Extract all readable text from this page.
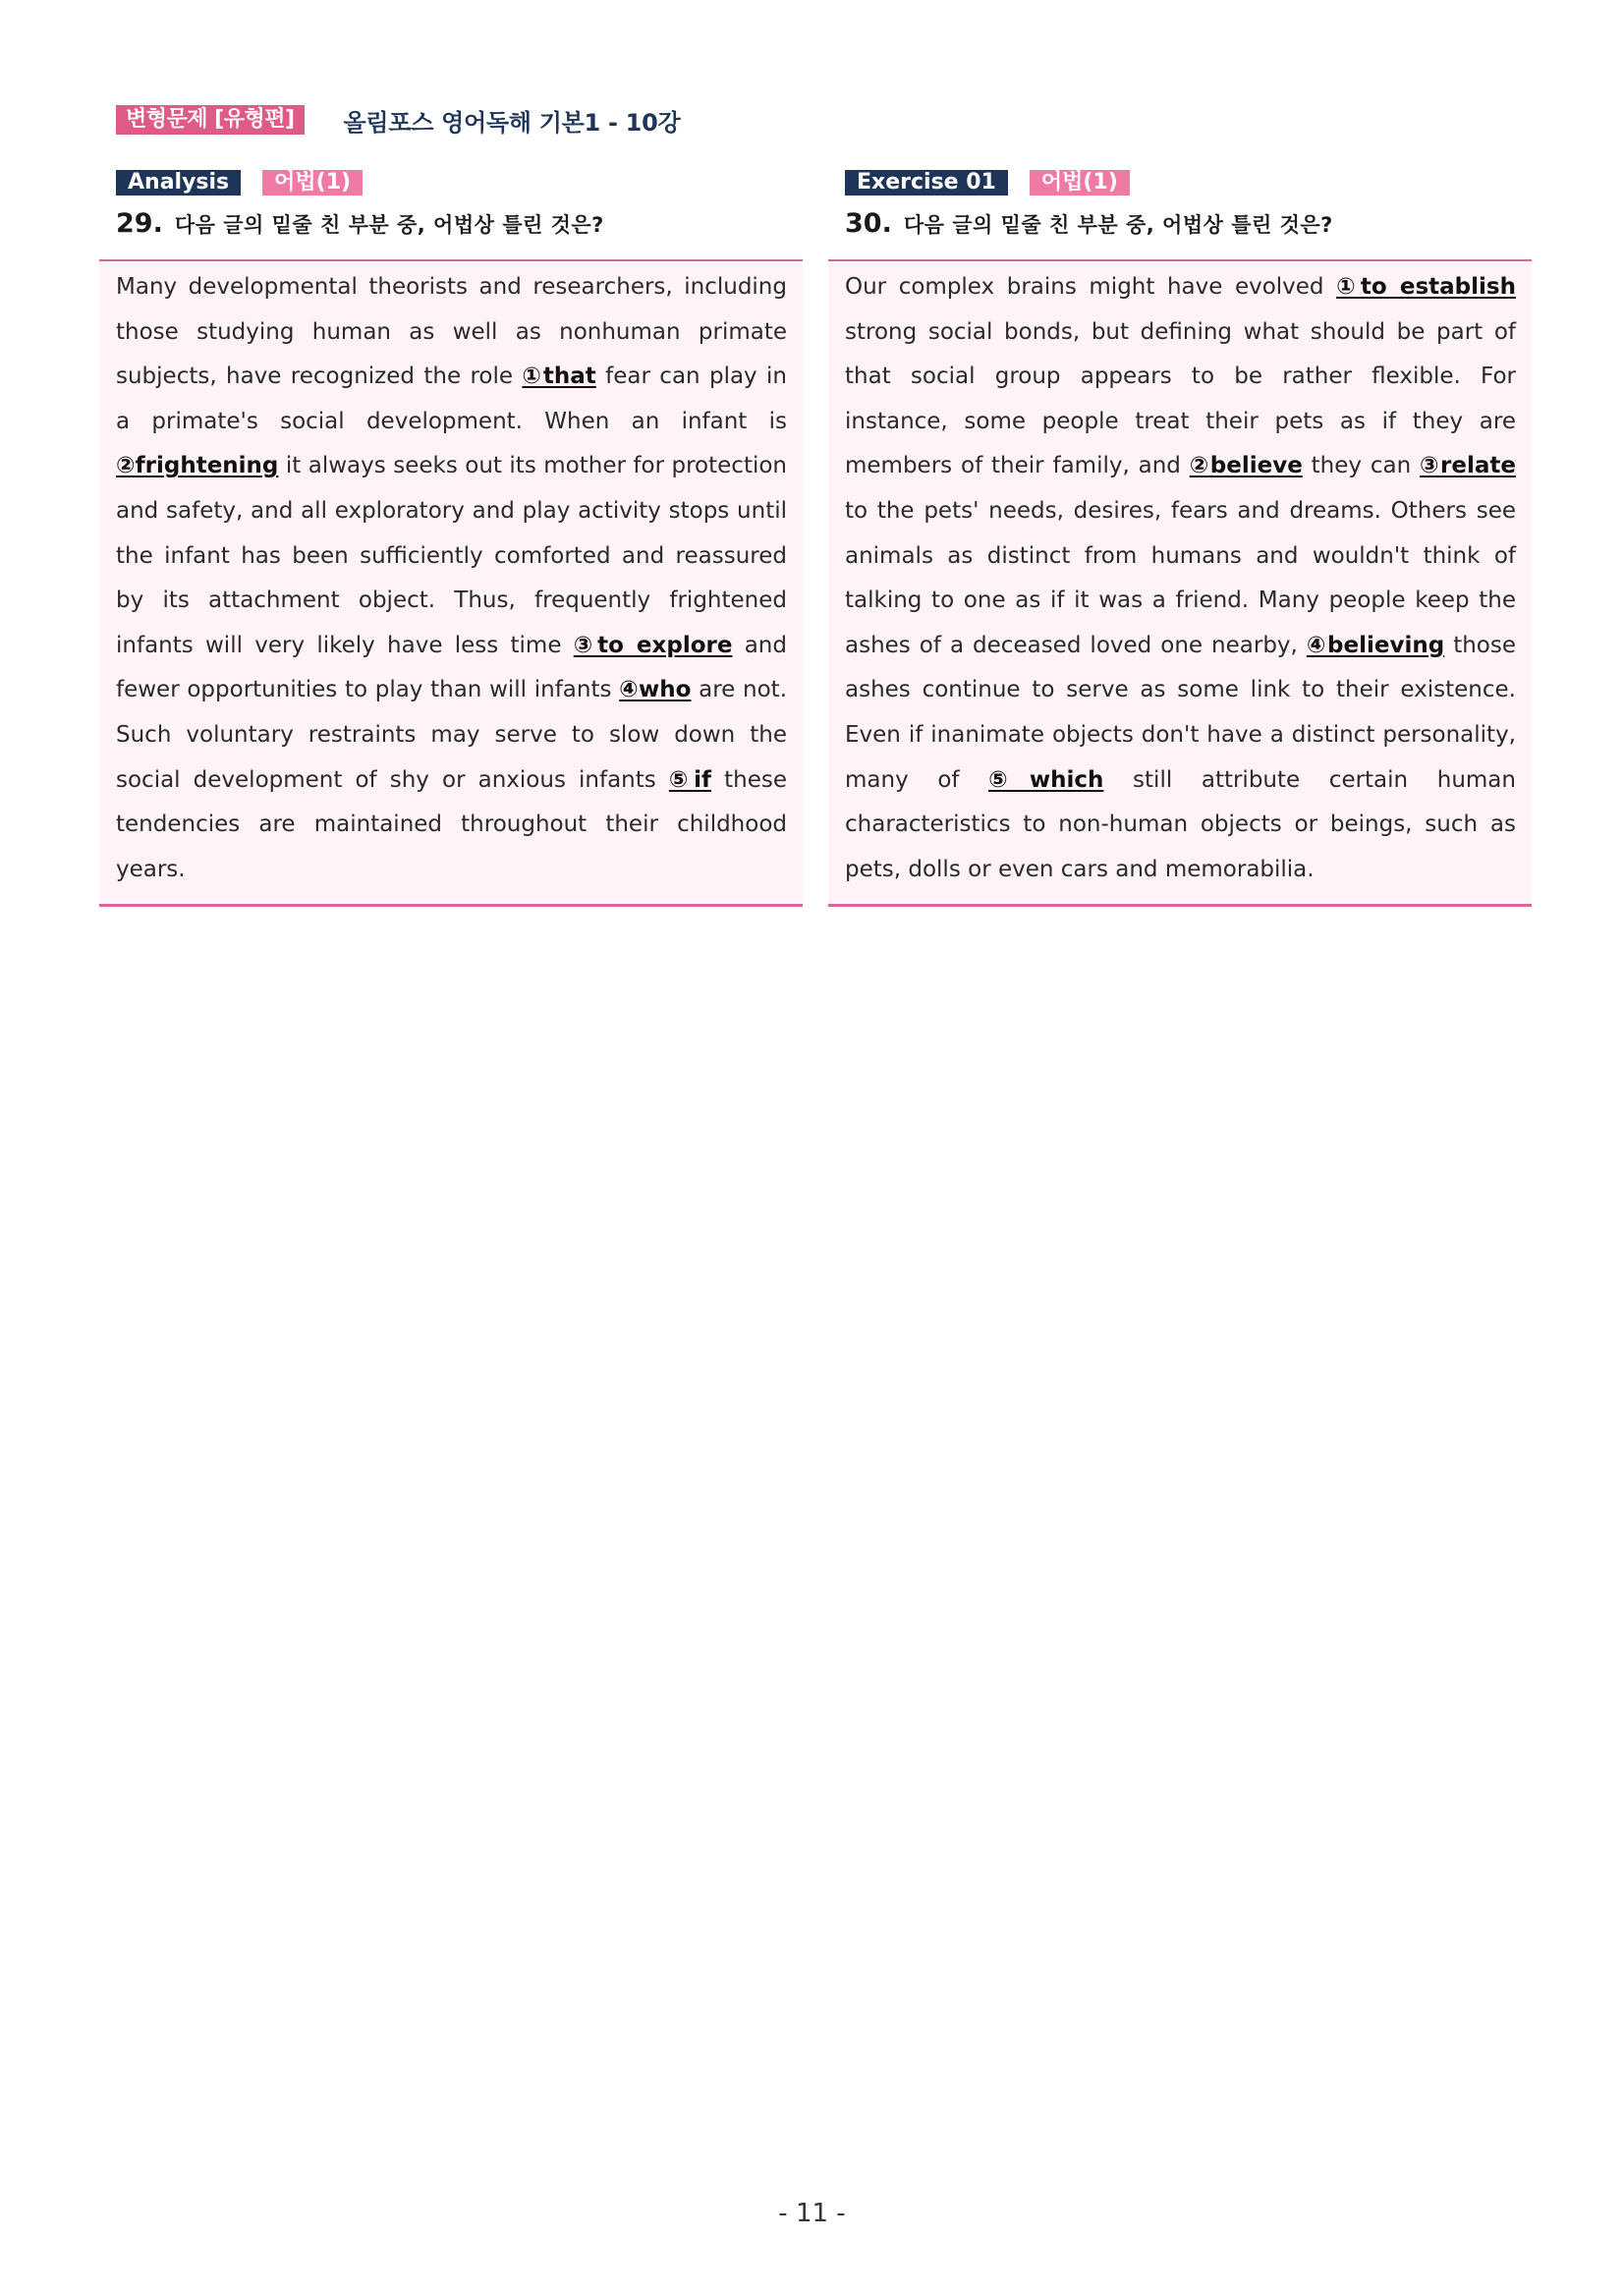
변형문제 [유형편]	올림포스 영어독해 기본1 - 10강
Analysis	어법(1)
29. 다음 글의 밑줄 친 부분 중, 어법상 틀린 것은?
Many developmental theorists and researchers, including those studying human as well as nonhuman primate subjects, have recognized the role ①that fear can play in a primate's social development. When an infant is ②frightening it always seeks out its mother for protection and safety, and all exploratory and play activity stops until the infant has been sufficiently comforted and reassured by its attachment object. Thus, frequently frightened infants will very likely have less time ③to explore and fewer opportunities to play than will infants ④who are not. Such voluntary restraints may serve to slow down the social development of shy or anxious infants ⑤if these tendencies are maintained throughout their childhood years.
Exercise 01	어법(1)
30. 다음 글의 밑줄 친 부분 중, 어법상 틀린 것은?
Our complex brains might have evolved ①to establish strong social bonds, but defining what should be part of that social group appears to be rather flexible. For instance, some people treat their pets as if they are members of their family, and ②believe they can ③relate to the pets' needs, desires, fears and dreams. Others see animals as distinct from humans and wouldn't think of talking to one as if it was a friend. Many people keep the ashes of a deceased loved one nearby, ④believing those ashes continue to serve as some link to their existence. Even if inanimate objects don't have a distinct personality, many of ⑤which still attribute certain human characteristics to non-human objects or beings, such as pets, dolls or even cars and memorabilia.
- 11 -
